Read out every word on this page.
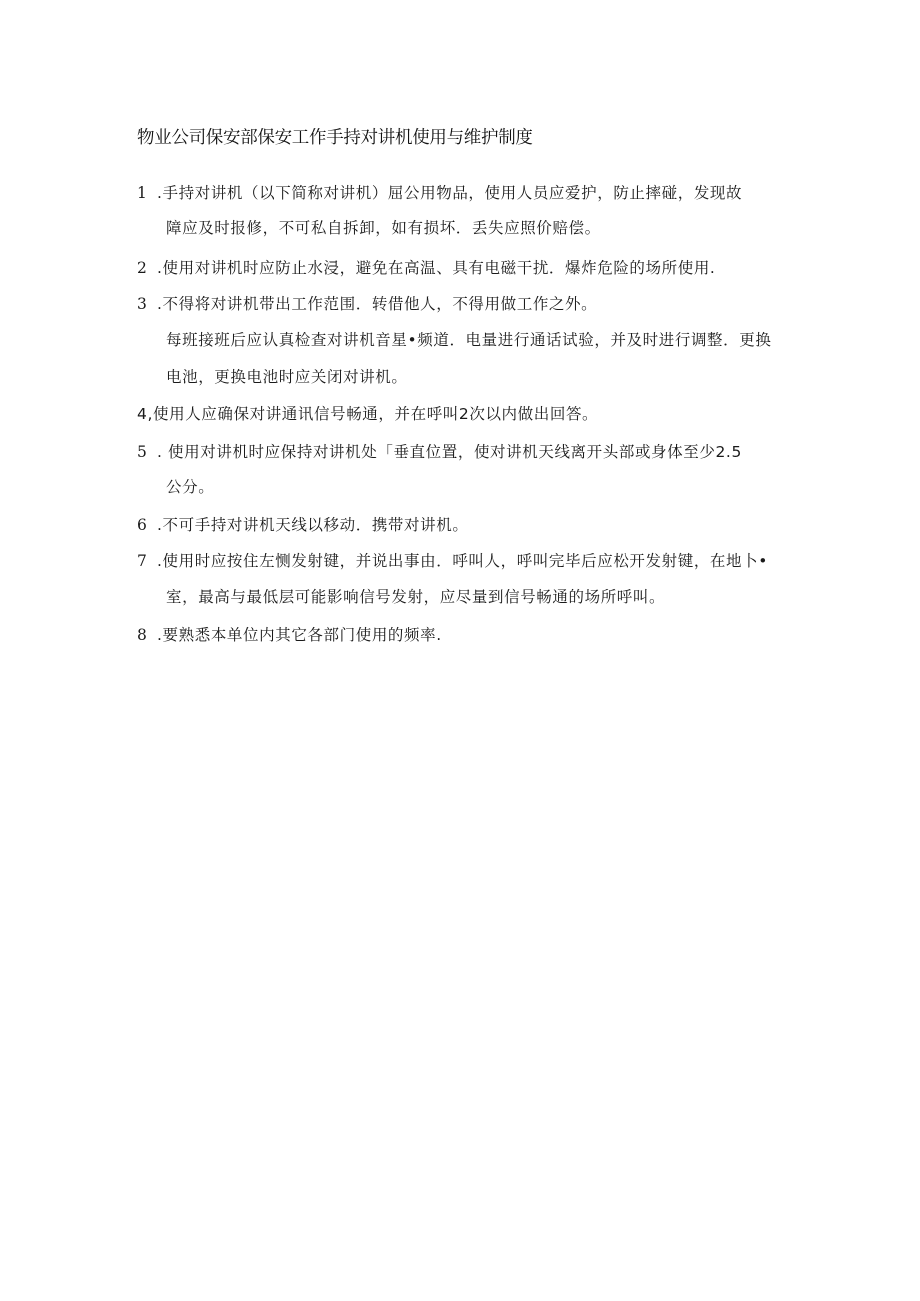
物业公司保安部保安工作手持对讲机使用与维护制度
1 .手持对讲机（以下简称对讲机）屈公用物品，使用人员应爱护，防止摔碰，发现故
障应及时报修，不可私自拆卸，如有损坏．丢失应照价赔偿。
2 .使用对讲机时应防止水浸，避免在高温、具有电磁干扰．爆炸危险的场所使用.
3 .不得将对讲机带出工作范围．转借他人，不得用做工作之外。
每班接班后应认真检查对讲机音星•频道．电量进行通话试验，并及时进行调整．更换
电池，更换电池时应关闭对讲机。
4,使用人应确保对讲通讯信号畅通，并在呼叫2次以内做出回答。
5 . 使用对讲机时应保持对讲机处「垂直位置，使对讲机天线离开头部或身体至少2.5
公分。
6 .不可手持对讲机天线以移动．携带对讲机。
7 .使用时应按住左恻发射键，并说出事由．呼叫人，呼叫完毕后应松开发射键，在地卜•
室，最高与最低层可能影响信号发射，应尽量到信号畅通的场所呼叫。
8 .要熟悉本单位内其它各部门使用的频率.
